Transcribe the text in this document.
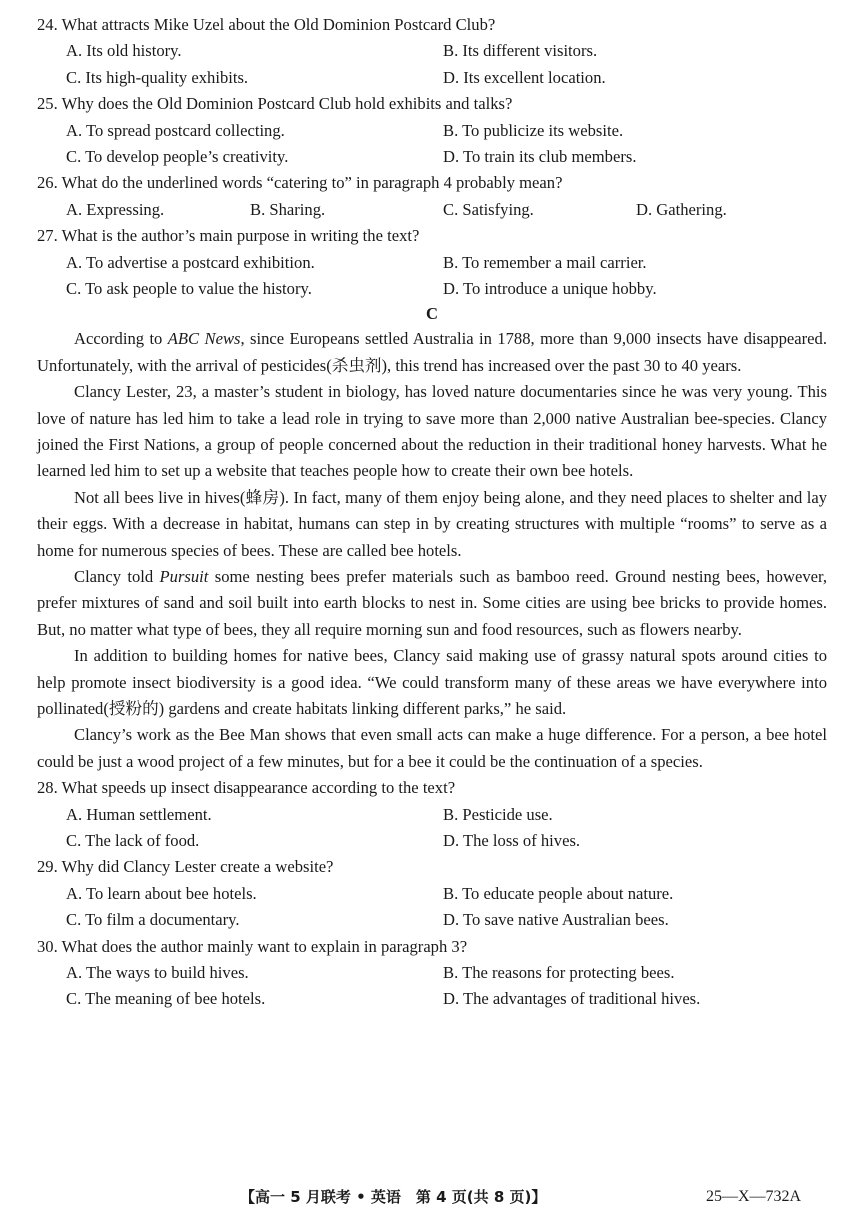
24. What attracts Mike Uzel about the Old Dominion Postcard Club?
A. Its old history.	B. Its different visitors.
C. Its high-quality exhibits.	D. Its excellent location.
25. Why does the Old Dominion Postcard Club hold exhibits and talks?
A. To spread postcard collecting.	B. To publicize its website.
C. To develop people’s creativity.	D. To train its club members.
26. What do the underlined words “catering to” in paragraph 4 probably mean?
A. Expressing.	B. Sharing.	C. Satisfying.	D. Gathering.
27. What is the author’s main purpose in writing the text?
A. To advertise a postcard exhibition.	B. To remember a mail carrier.
C. To ask people to value the history.	D. To introduce a unique hobby.
C

According to ABC News, since Europeans settled Australia in 1788, more than 9,000 insects have disappeared. Unfortunately, with the arrival of pesticides(杀虫剂), this trend has increased over the past 30 to 40 years.

Clancy Lester, 23, a master’s student in biology, has loved nature documentaries since he was very young. This love of nature has led him to take a lead role in trying to save more than 2,000 native Australian bee-species. Clancy joined the First Nations, a group of people concerned about the reduction in their traditional honey harvests. What he learned led him to set up a website that teaches people how to create their own bee hotels.

Not all bees live in hives(蜂房). In fact, many of them enjoy being alone, and they need places to shelter and lay their eggs. With a decrease in habitat, humans can step in by creating structures with multiple “rooms” to serve as a home for numerous species of bees. These are called bee hotels.

Clancy told Pursuit some nesting bees prefer materials such as bamboo reed. Ground nesting bees, however, prefer mixtures of sand and soil built into earth blocks to nest in. Some cities are using bee bricks to provide homes. But, no matter what type of bees, they all require morning sun and food resources, such as flowers nearby.

In addition to building homes for native bees, Clancy said making use of grassy natural spots around cities to help promote insect biodiversity is a good idea. “We could transform many of these areas we have everywhere into pollinated(授粉的) gardens and create habitats linking different parks,” he said.

Clancy’s work as the Bee Man shows that even small acts can make a huge difference. For a person, a bee hotel could be just a wood project of a few minutes, but for a bee it could be the continuation of a species.

28. What speeds up insect disappearance according to the text?
A. Human settlement.	B. Pesticide use.
C. The lack of food.	D. The loss of hives.
29. Why did Clancy Lester create a website?
A. To learn about bee hotels.	B. To educate people about nature.
C. To film a documentary.	D. To save native Australian bees.
30. What does the author mainly want to explain in paragraph 3?
A. The ways to build hives.	B. The reasons for protecting bees.
C. The meaning of bee hotels.	D. The advantages of traditional hives.
【高一 5 月联考 • 英语　第 4 页(共 8 页)】	25—X—732A
